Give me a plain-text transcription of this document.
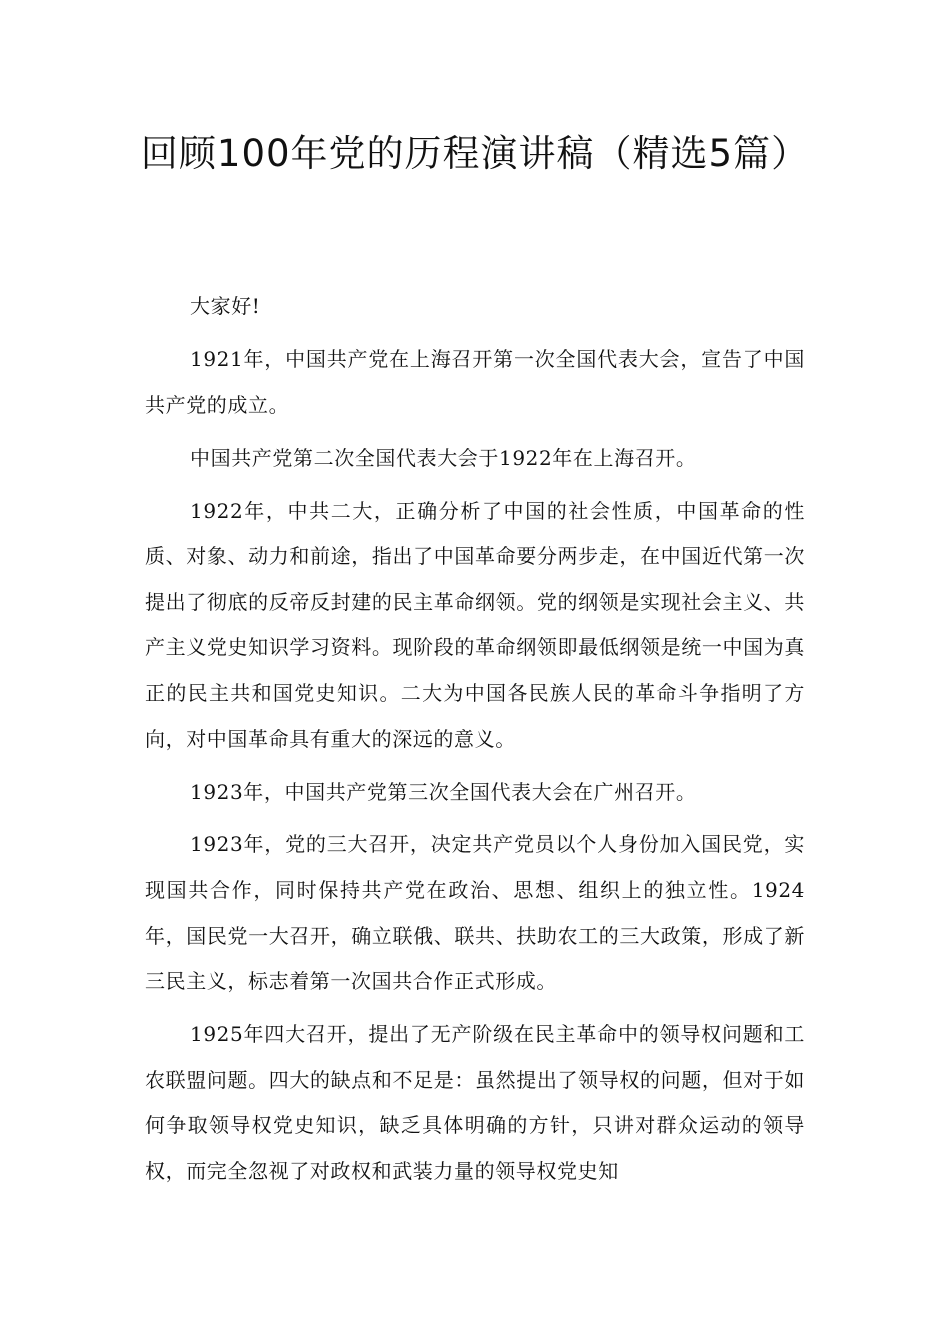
回顾100年党的历程演讲稿（精选5篇）

大家好!

1921年，中国共产党在上海召开第一次全国代表大会，宣告了中国共产党的成立。

中国共产党第二次全国代表大会于1922年在上海召开。

1922年，中共二大，正确分析了中国的社会性质，中国革命的性质、对象、动力和前途，指出了中国革命要分两步走，在中国近代第一次提出了彻底的反帝反封建的民主革命纲领。党的纲领是实现社会主义、共产主义党史知识学习资料。现阶段的革命纲领即最低纲领是统一中国为真正的民主共和国党史知识。二大为中国各民族人民的革命斗争指明了方向，对中国革命具有重大的深远的意义。

1923年，中国共产党第三次全国代表大会在广州召开。

1923年，党的三大召开，决定共产党员以个人身份加入国民党，实现国共合作，同时保持共产党在政治、思想、组织上的独立性。1924年，国民党一大召开，确立联俄、联共、扶助农工的三大政策，形成了新三民主义，标志着第一次国共合作正式形成。

1925年四大召开，提出了无产阶级在民主革命中的领导权问题和工农联盟问题。四大的缺点和不足是：虽然提出了领导权的问题，但对于如何争取领导权党史知识，缺乏具体明确的方针，只讲对群众运动的领导权，而完全忽视了对政权和武装力量的领导权党史知
